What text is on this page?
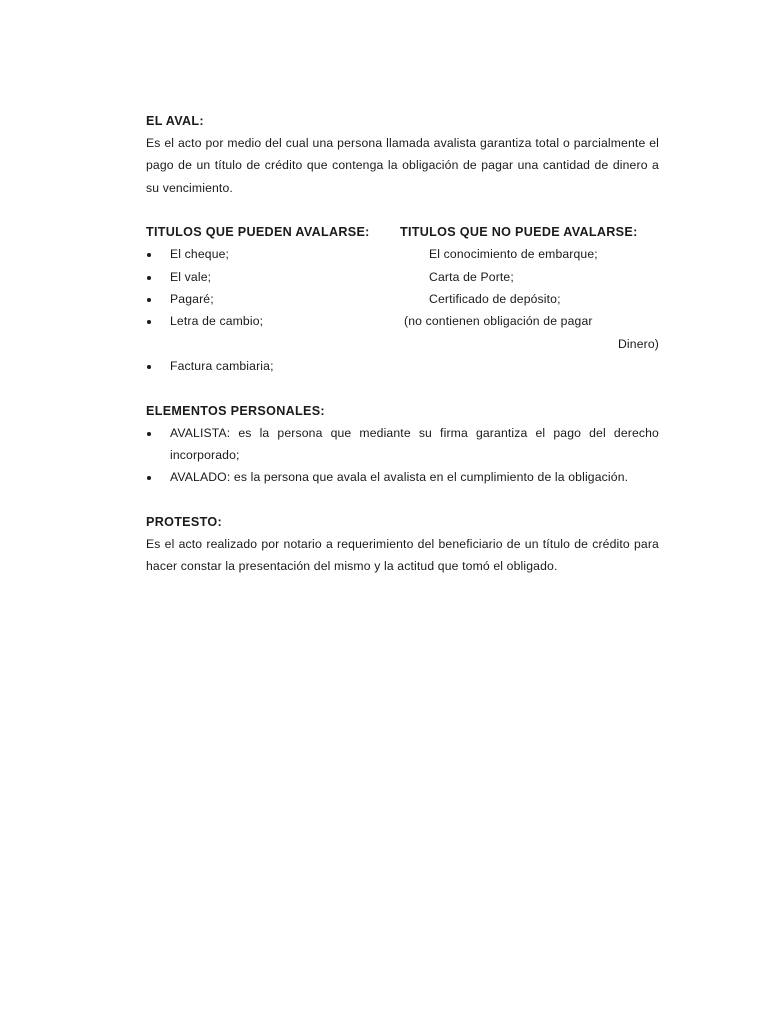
EL AVAL:
Es el acto por medio del cual una persona llamada avalista garantiza total o parcialmente el pago de un título de crédito que contenga la obligación de pagar una cantidad de dinero a su vencimiento.
TITULOS QUE PUEDEN AVALARSE: TITULOS QUE NO PUEDE AVALARSE:
El cheque;	El conocimiento de embarque;
El vale;	Carta de Porte;
Pagaré;	Certificado de depósito;
Letra de cambio;	(no contienen obligación de pagar
Dinero)
Factura cambiaria;
ELEMENTOS PERSONALES:
AVALISTA: es la persona que mediante su firma garantiza el pago del derecho incorporado;
AVALADO: es la persona que avala el avalista en el cumplimiento de la obligación.
PROTESTO:
Es el acto realizado por notario a requerimiento del beneficiario de un título de crédito para hacer constar la presentación del mismo y la actitud que tomó el obligado.
